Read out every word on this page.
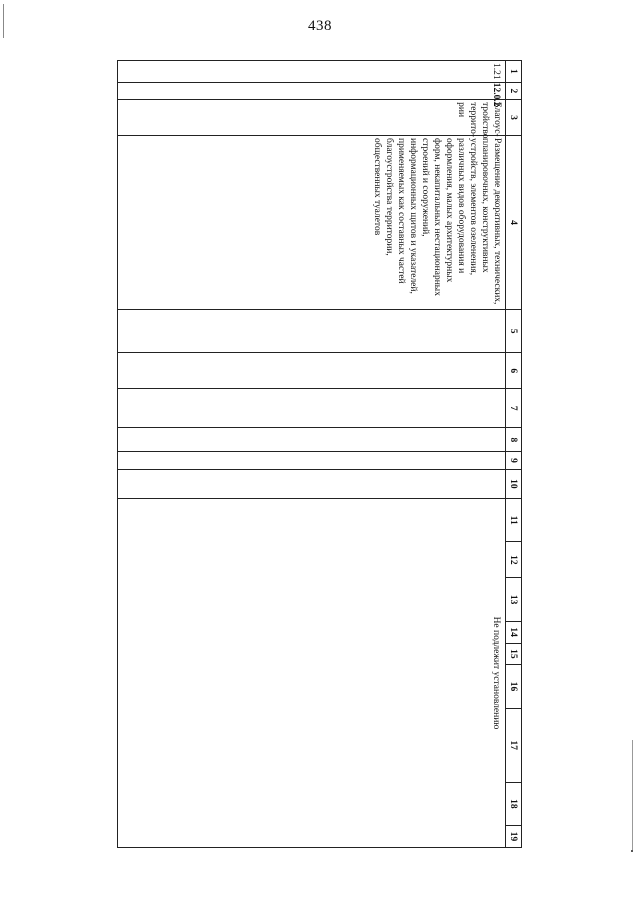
438
1	2	3	4	5	6	7	8	9	10	11	12	13	14	15	16	17	18	19
1.21	12.0.2	Благоус-тройство террито-рии	Размещение декоративных, технических, планировочных, конструктивных устройств, элементов озеленения, различных видов оборудования и оформления, малых архитектурных форм, некапитальных нестационарных строений и сооружений, информационных щитов и указателей, применяемых как составных частей благоустройства территории, общественных туалетов							Не подлежит установлению								
